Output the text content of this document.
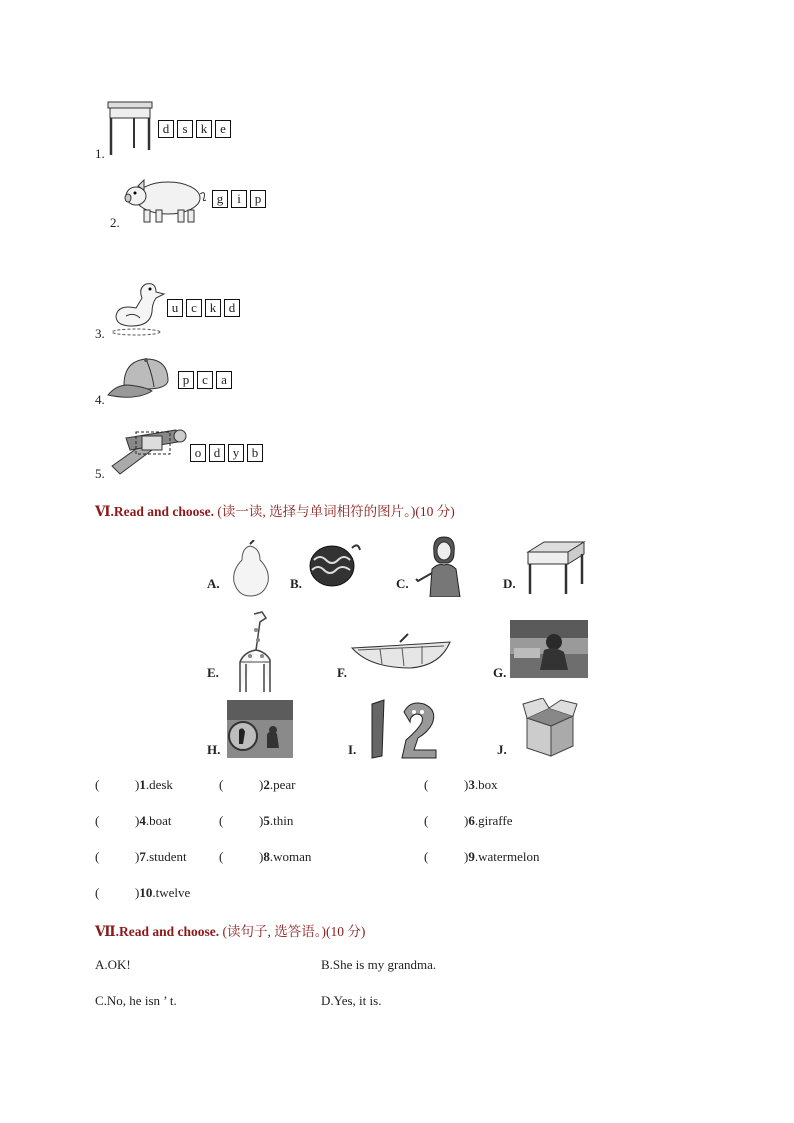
1.
d	s	k e
2.
g	i	p
3.
u c k d
4.
p c	a
5.
o d y b
Ⅵ.Read and choose. (读一读, 选择与单词相符的图片。)(10 分)
A.	B.	C.	D.
E.	F.	G.
H.	I.	J.
(	) 1 .desk	(	) 2 .pear	(	) 3 .box
(	) 4 .boat	(	) 5 .thin	(	) 6 .giraffe
(	) 7 .student (	) 8 .woman	(	) 9 .watermelon
(	) 10 .twelve
Ⅶ.Read and choose. (读句子, 选答语。)(10 分)
A.OK!	B.She is my grandma.
C.No, he isn ’ t.	D.Yes, it is.
